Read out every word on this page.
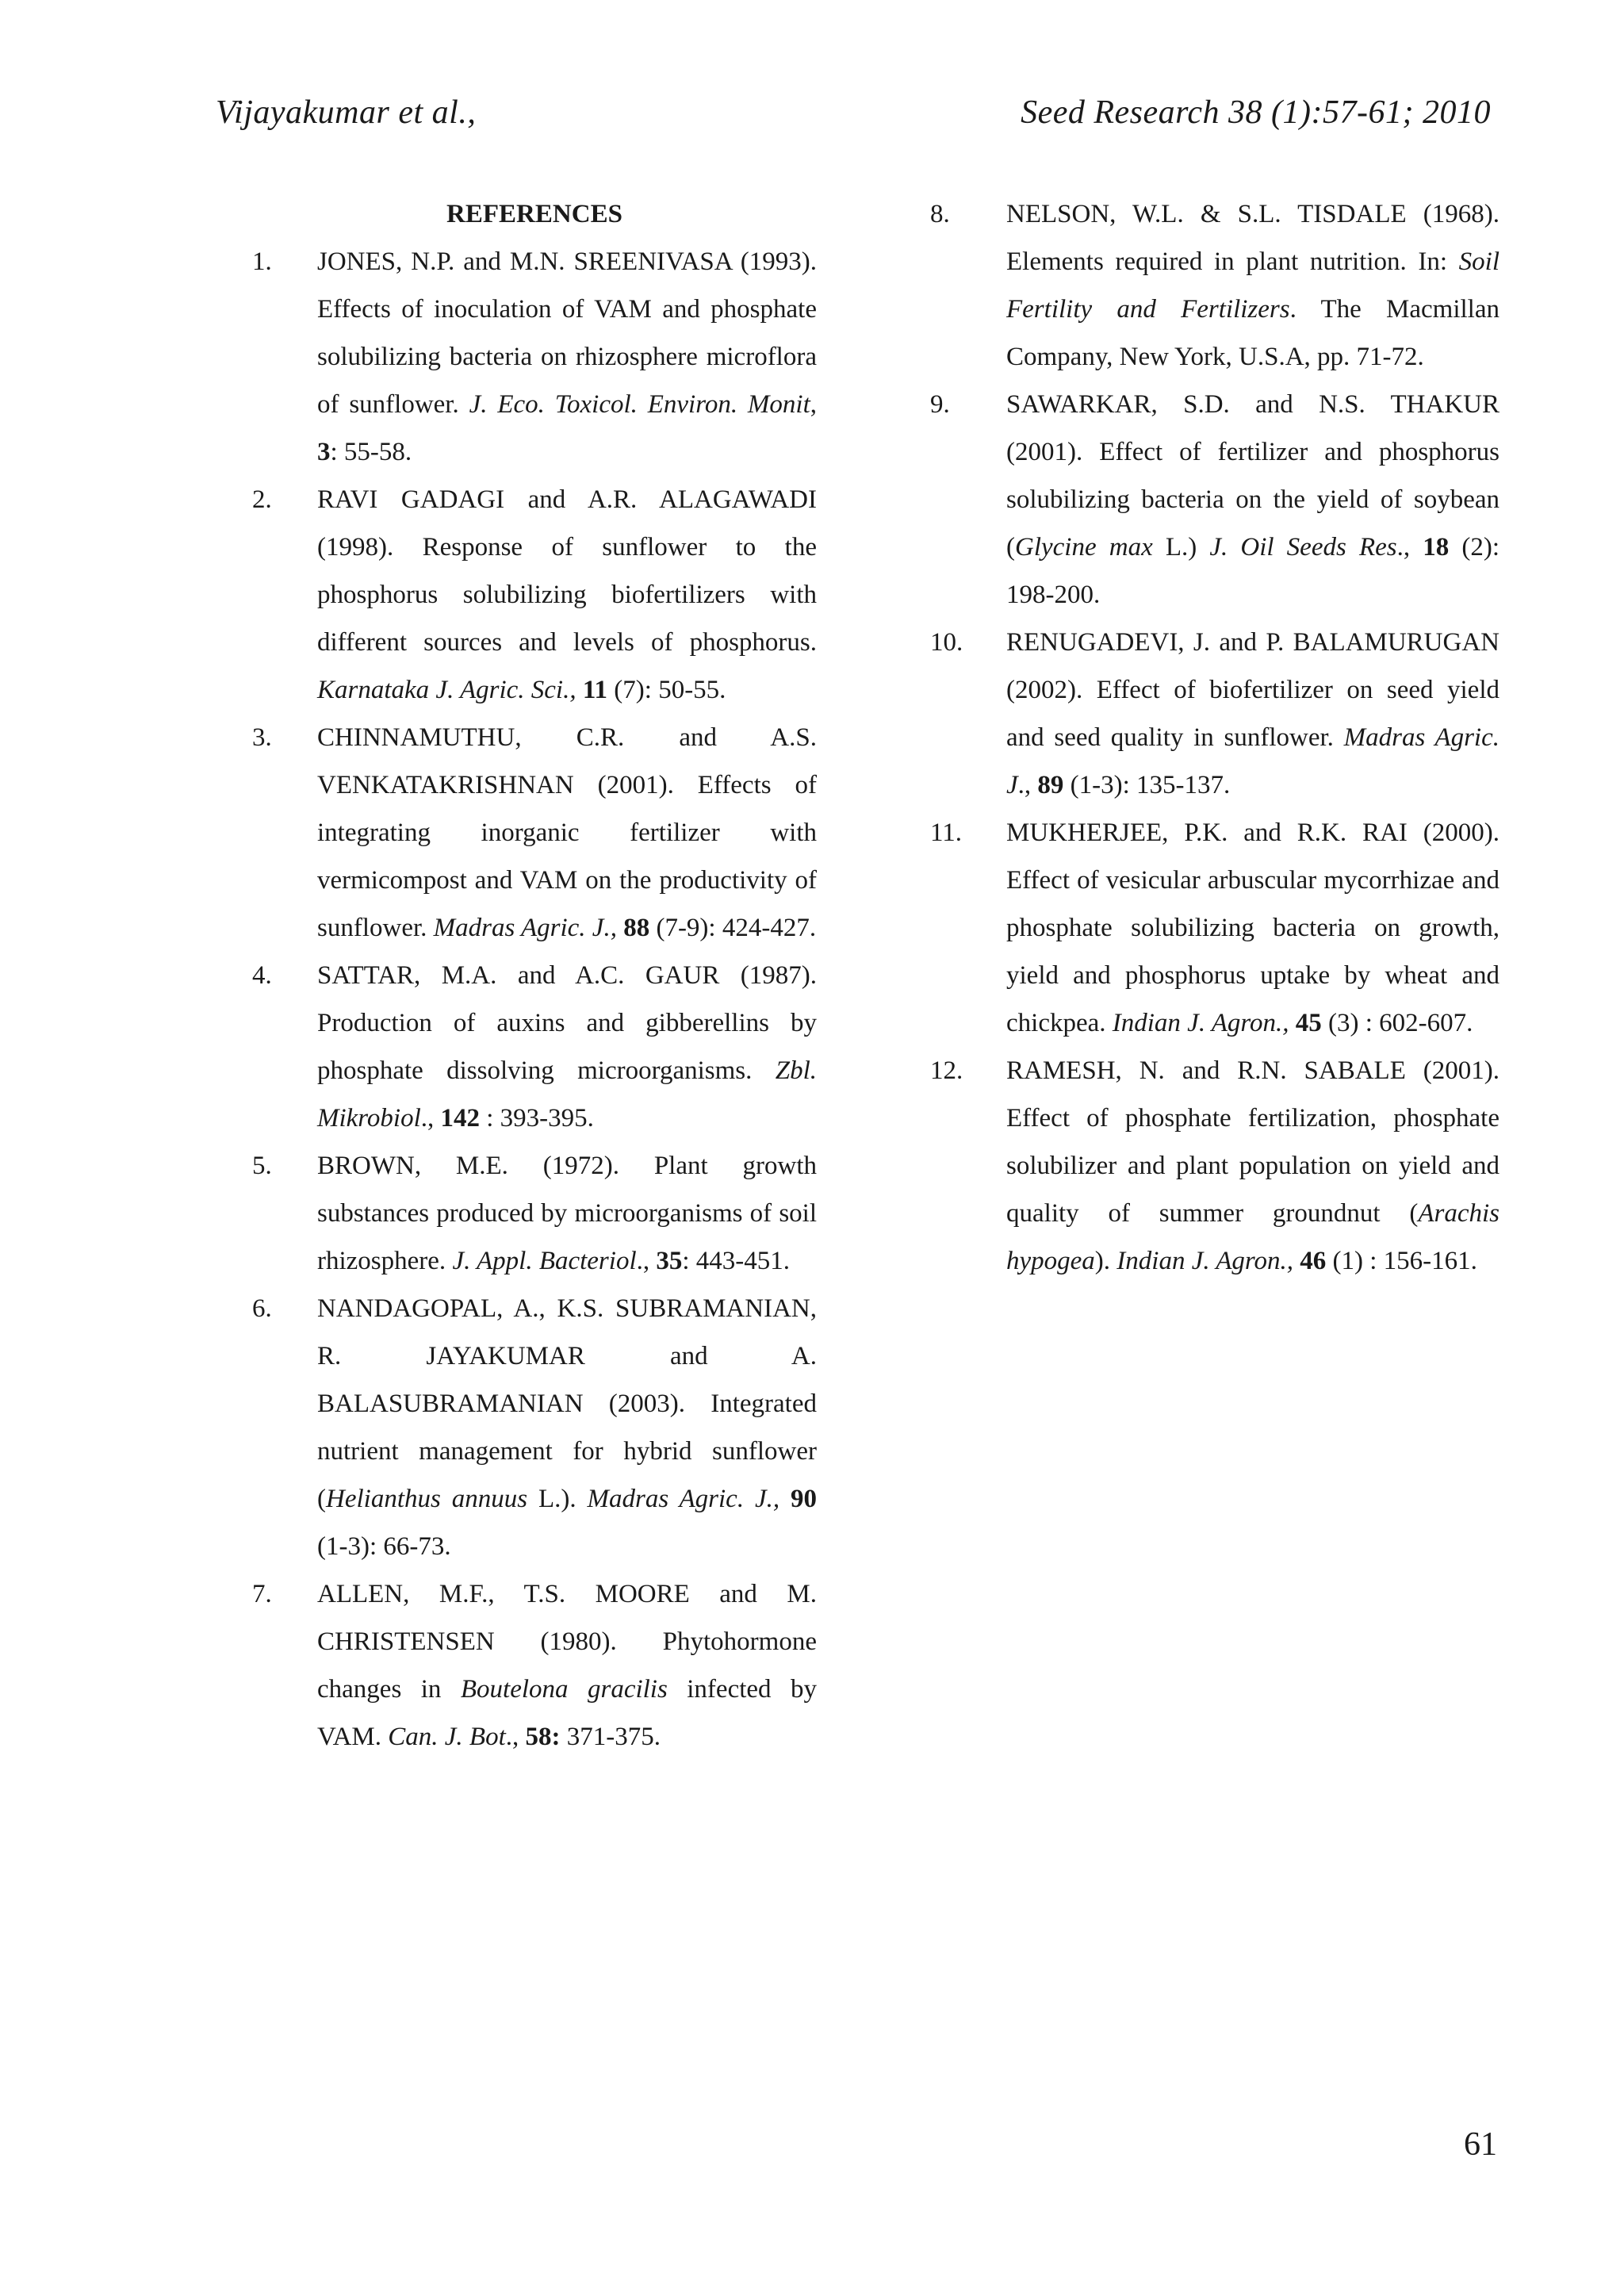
Vijayakumar et al.,	Seed Research 38 (1):57-61; 2010
REFERENCES
1.	JONES, N.P. and M.N. SREENIVASA (1993). Effects of inoculation of VAM and phosphate solubilizing bacteria on rhizosphere microflora of sunflower. J. Eco. Toxicol. Environ. Monit, 3: 55-58.
2.	RAVI GADAGI and A.R. ALAGAWADI (1998). Response of sunflower to the phosphorus solubilizing biofertilizers with different sources and levels of phosphorus. Karnataka J. Agric. Sci., 11 (7): 50-55.
3.	CHINNAMUTHU, C.R. and A.S. VENKATAKRISHNAN (2001). Effects of integrating inorganic fertilizer with vermicompost and VAM on the productivity of sunflower. Madras Agric. J., 88 (7-9): 424-427.
4.	SATTAR, M.A. and A.C. GAUR (1987). Production of auxins and gibberellins by phosphate dissolving microorganisms. Zbl. Mikrobiol., 142 : 393-395.
5.	BROWN, M.E. (1972). Plant growth substances produced by microorganisms of soil rhizosphere. J. Appl. Bacteriol., 35: 443-451.
6.	NANDAGOPAL, A., K.S. SUBRAMANIAN, R. JAYAKUMAR and A. BALASUBRAMANIAN (2003). Integrated nutrient management for hybrid sunflower (Helianthus annuus L.). Madras Agric. J., 90 (1-3): 66-73.
7.	ALLEN, M.F., T.S. MOORE and M. CHRISTENSEN (1980). Phytohormone changes in Boutelona gracilis infected by VAM. Can. J. Bot., 58: 371-375.
8.	NELSON, W.L. & S.L. TISDALE (1968). Elements required in plant nutrition. In: Soil Fertility and Fertilizers. The Macmillan Company, New York, U.S.A, pp. 71-72.
9.	SAWARKAR, S.D. and N.S. THAKUR (2001). Effect of fertilizer and phosphorus solubilizing bacteria on the yield of soybean (Glycine max L.) J. Oil Seeds Res., 18 (2): 198-200.
10.	RENUGADEVI, J. and P. BALAMURUGAN (2002). Effect of biofertilizer on seed yield and seed quality in sunflower. Madras Agric. J., 89 (1-3): 135-137.
11.	MUKHERJEE, P.K. and R.K. RAI (2000). Effect of vesicular arbuscular mycorrhizae and phosphate solubilizing bacteria on growth, yield and phosphorus uptake by wheat and chickpea. Indian J. Agron., 45 (3) : 602-607.
12.	RAMESH, N. and R.N. SABALE (2001). Effect of phosphate fertilization, phosphate solubilizer and plant population on yield and quality of summer groundnut (Arachis hypogea). Indian J. Agron., 46 (1) : 156-161.
61
